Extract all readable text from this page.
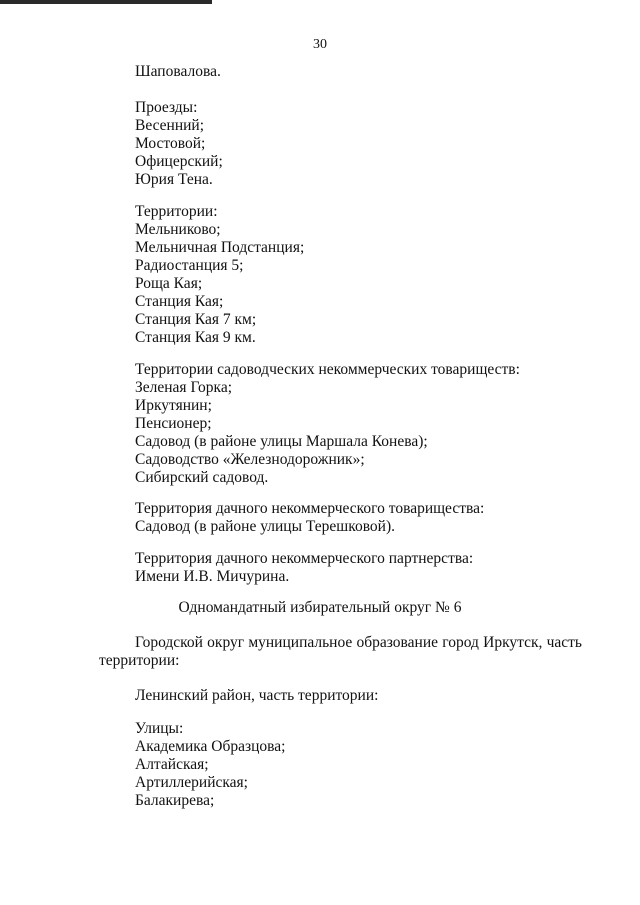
30
Шаповалова.
Проезды:
Весенний;
Мостовой;
Офицерский;
Юрия Тена.
Территории:
Мельниково;
Мельничная Подстанция;
Радиостанция 5;
Роща Кая;
Станция Кая;
Станция Кая 7 км;
Станция Кая 9 км.
Территории садоводческих некоммерческих товариществ:
Зеленая Горка;
Иркутянин;
Пенсионер;
Садовод (в районе улицы Маршала Конева);
Садоводство «Железнодорожник»;
Сибирский садовод.
Территория дачного некоммерческого товарищества:
Садовод (в районе улицы Терешковой).
Территория дачного некоммерческого партнерства:
Имени И.В. Мичурина.
Одномандатный избирательный округ № 6
Городской округ муниципальное образование город Иркутск, часть
территории:
Ленинский район, часть территории:
Улицы:
Академика Образцова;
Алтайская;
Артиллерийская;
Балакирева;
